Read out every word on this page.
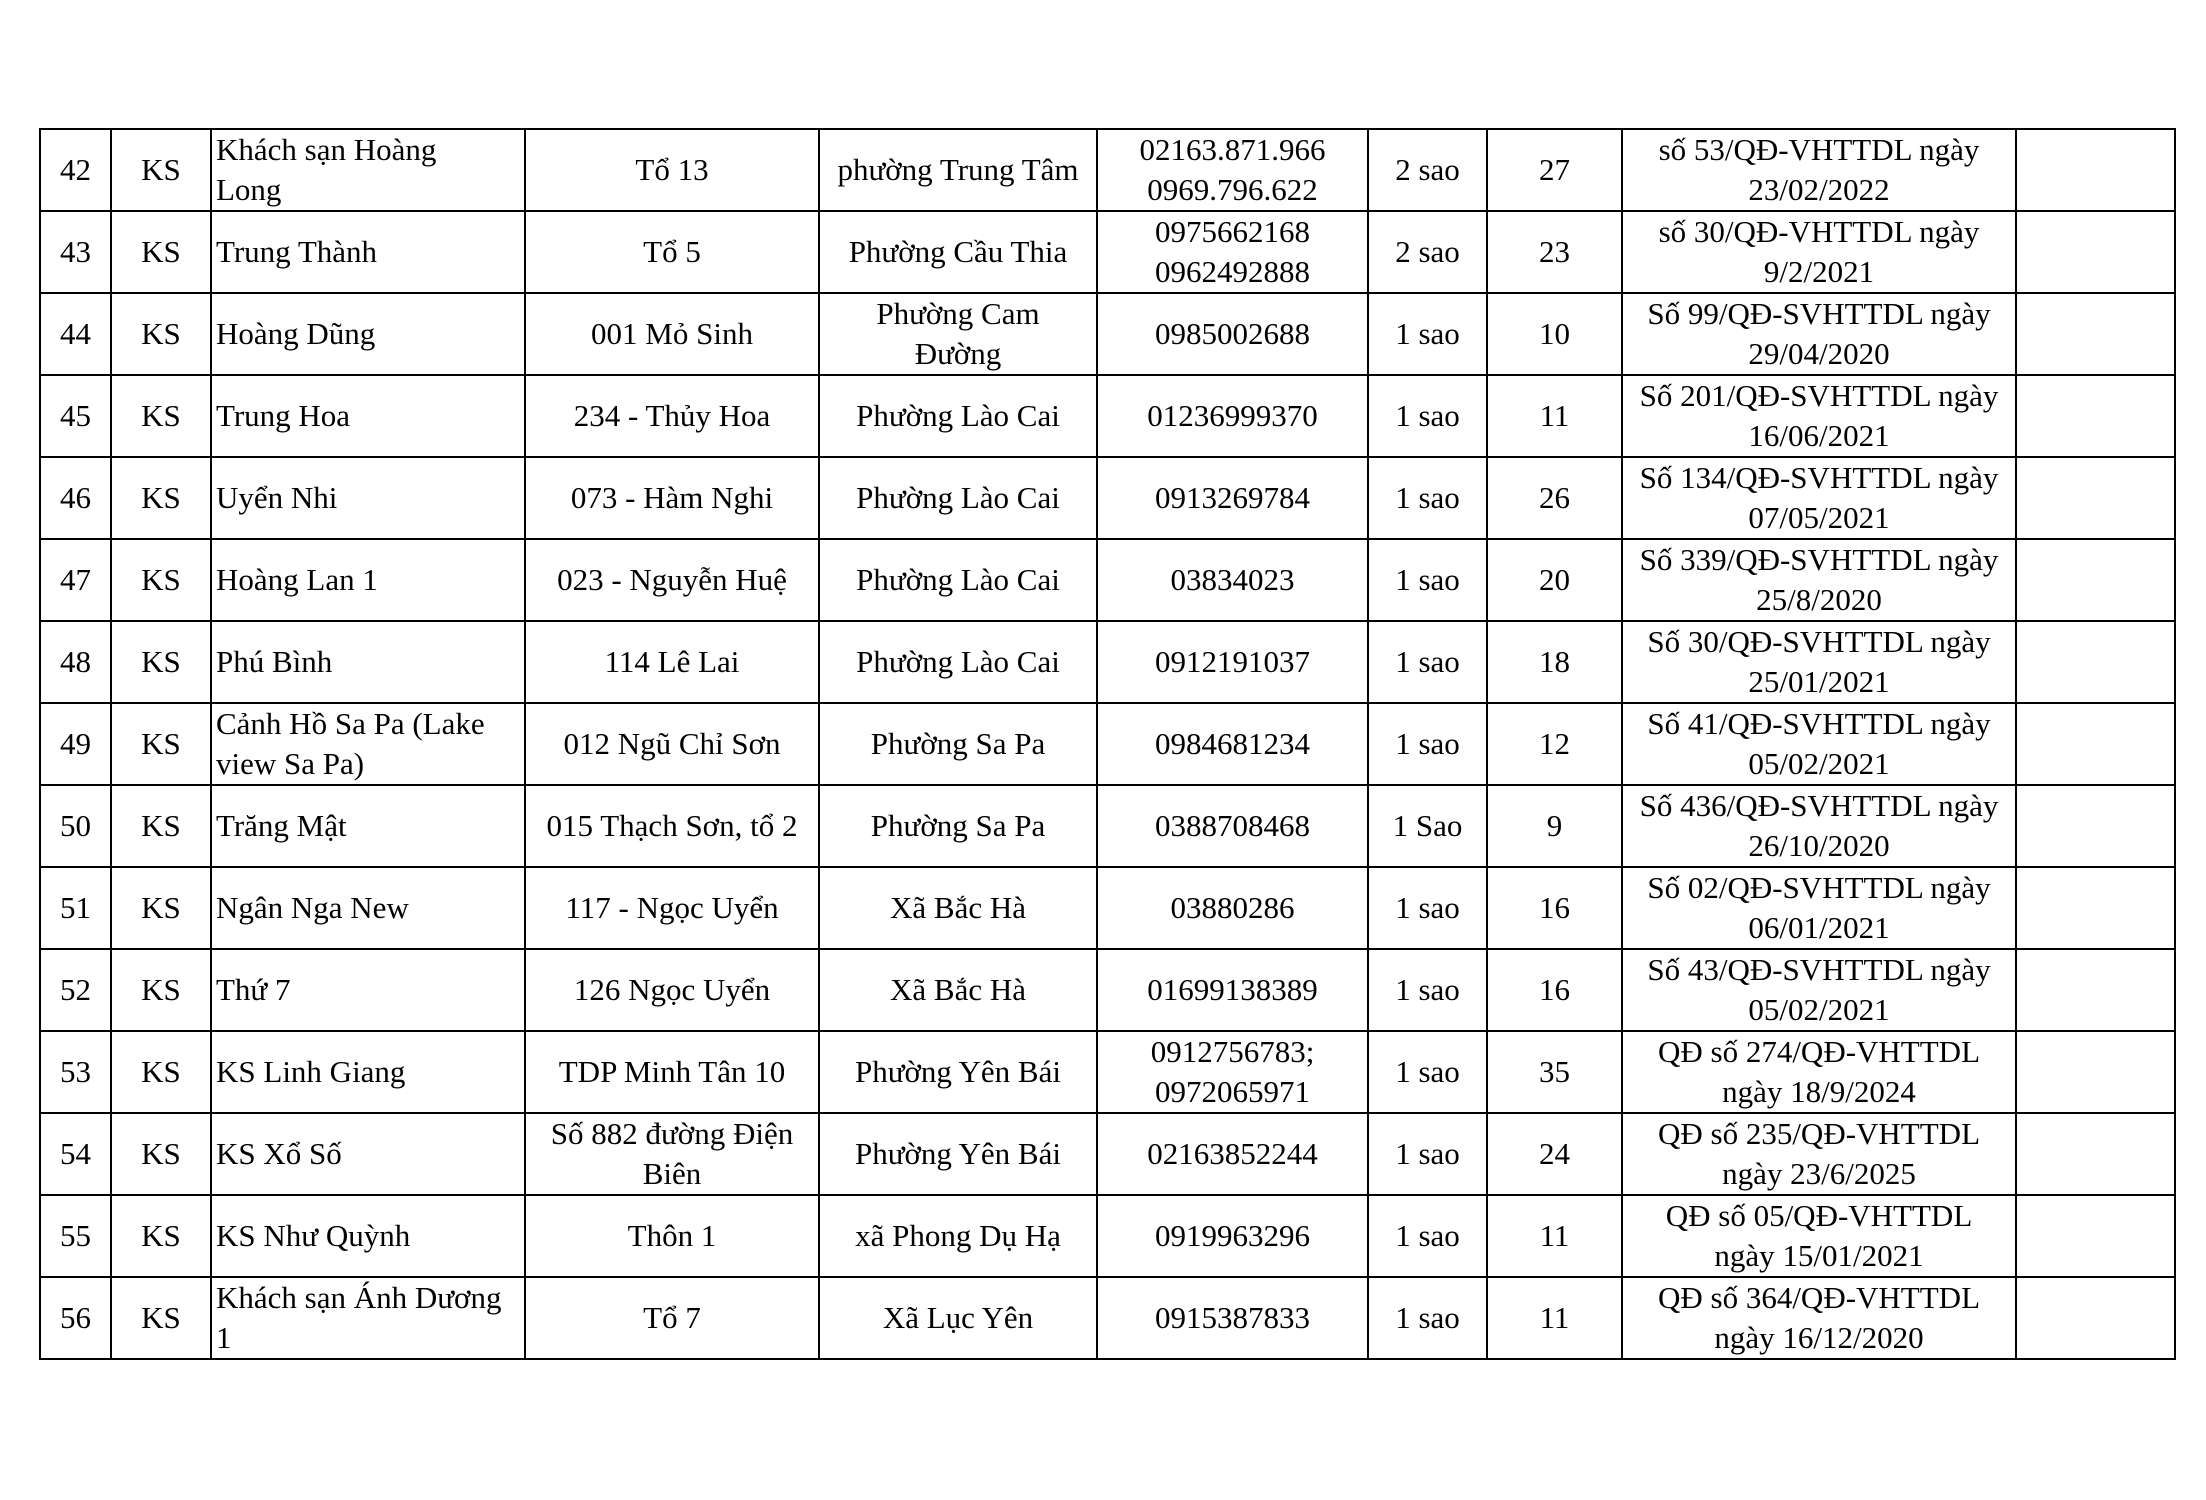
42	KS	Khách sạn Hoàng
Long	Tổ 13	phường Trung Tâm	02163.871.966
0969.796.622	2 sao	27	số 53/QĐ-VHTTDL ngày
23/02/2022	

43	KS	Trung Thành	Tổ 5	Phường Cầu Thia	0975662168
0962492888	2 sao	23	số 30/QĐ-VHTTDL ngày
9/2/2021	

44	KS	Hoàng Dũng	001 Mỏ Sinh	Phường Cam
Đường	0985002688	1 sao	10	Số 99/QĐ-SVHTTDL ngày
29/04/2020	

45	KS	Trung Hoa	234 - Thủy Hoa	Phường Lào Cai	01236999370	1 sao	11	Số 201/QĐ-SVHTTDL ngày
16/06/2021	

46	KS	Uyển Nhi	073 - Hàm Nghi	Phường Lào Cai	0913269784	1 sao	26	Số 134/QĐ-SVHTTDL ngày
07/05/2021	

47	KS	Hoàng Lan 1	023 - Nguyễn Huệ	Phường Lào Cai	03834023	1 sao	20	Số 339/QĐ-SVHTTDL ngày
25/8/2020	

48	KS	Phú Bình	114 Lê Lai	Phường Lào Cai	0912191037	1 sao	18	Số 30/QĐ-SVHTTDL ngày
25/01/2021	

49	KS	Cảnh Hồ Sa Pa (Lake
view Sa Pa)	012 Ngũ Chỉ Sơn	Phường Sa Pa	0984681234	1 sao	12	Số 41/QĐ-SVHTTDL ngày
05/02/2021	

50	KS	Trăng Mật	015 Thạch Sơn, tổ 2	Phường Sa Pa	0388708468	1 Sao	9	Số 436/QĐ-SVHTTDL ngày
26/10/2020	

51	KS	Ngân Nga New	117 - Ngọc Uyển	Xã Bắc Hà	03880286	1 sao	16	Số 02/QĐ-SVHTTDL ngày
06/01/2021	

52	KS	Thứ 7	126 Ngọc Uyển	Xã Bắc Hà	01699138389	1 sao	16	Số 43/QĐ-SVHTTDL ngày
05/02/2021	

53	KS	KS Linh Giang	TDP Minh Tân 10	Phường Yên Bái	0912756783;
0972065971	1 sao	35	QĐ số 274/QĐ-VHTTDL
ngày 18/9/2024	

54	KS	KS Xổ Số	Số 882 đường Điện
Biên	Phường Yên Bái	02163852244	1 sao	24	QĐ số 235/QĐ-VHTTDL
ngày 23/6/2025	

55	KS	KS Như Quỳnh	Thôn 1	xã Phong Dụ Hạ	0919963296	1 sao	11	QĐ số 05/QĐ-VHTTDL
ngày 15/01/2021	

56	KS	Khách sạn Ánh Dương
1	Tổ 7	Xã Lục Yên	0915387833	1 sao	11	QĐ số 364/QĐ-VHTTDL
ngày 16/12/2020	
